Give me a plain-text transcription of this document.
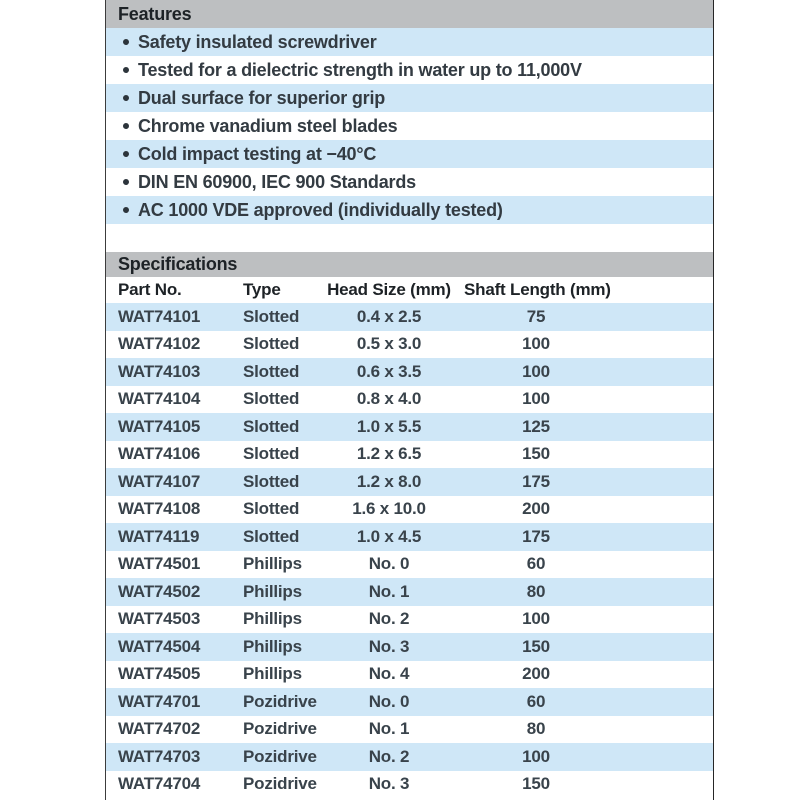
Features
Safety insulated screwdriver
Tested for a dielectric strength in water up to 11,000V
Dual surface for superior grip
Chrome vanadium steel blades
Cold impact testing at −40°C
DIN EN 60900, IEC 900 Standards
AC 1000 VDE approved (individually tested)
Specifications
Part No.	Type	Head Size (mm) Shaft Length (mm)
WAT74101	Slotted	0.4 x 2.5	75
WAT74102	Slotted	0.5 x 3.0	100
WAT74103	Slotted	0.6 x 3.5	100
WAT74104	Slotted	0.8 x 4.0	100
WAT74105	Slotted	1.0 x 5.5	125
WAT74106	Slotted	1.2 x 6.5	150
WAT74107	Slotted	1.2 x 8.0	175
WAT74108	Slotted	1.6 x 10.0	200
WAT74119	Slotted	1.0 x 4.5	175
WAT74501	Phillips	No. 0	60
WAT74502	Phillips	No. 1	80
WAT74503	Phillips	No. 2	100
WAT74504	Phillips	No. 3	150
WAT74505	Phillips	No. 4	200
WAT74701	Pozidrive	No. 0	60
WAT74702	Pozidrive	No. 1	80
WAT74703	Pozidrive	No. 2	100
WAT74704	Pozidrive	No. 3	150
